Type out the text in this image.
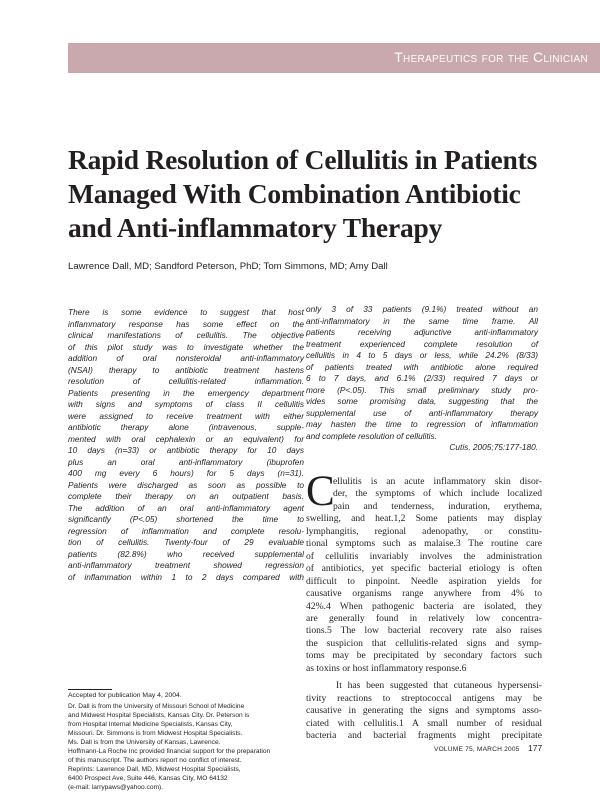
Therapeutics for the Clinician
Rapid Resolution of Cellulitis in Patients
Managed With Combination Antibiotic
and Anti-inflammatory Therapy
Lawrence Dall, MD; Sandford Peterson, PhD; Tom Simmons, MD; Amy Dall
There is some evidence to suggest that host
inflammatory response has some effect on the
clinical manifestations of cellulitis. The objective
of this pilot study was to investigate whether the
addition of oral nonsteroidal anti-inflammatory
(NSAI) therapy to antibiotic treatment hastens
resolution of cellulitis-related inflammation.
Patients presenting in the emergency department
with signs and symptoms of class II cellulitis
were assigned to receive treatment with either
antibiotic therapy alone (intravenous, supple-
mented with oral cephalexin or an equivalent) for
10 days (n=33) or antibiotic therapy for 10 days
plus an oral anti-inflammatory (ibuprofen
400 mg every 6 hours) for 5 days (n=31).
Patients were discharged as soon as possible to
complete their therapy on an outpatient basis.
The addition of an oral anti-inflammatory agent
significantly (P<.05) shortened the time to
regression of inflammation and complete resolu-
tion of cellulitis. Twenty-four of 29 evaluable
patients (82.8%) who received supplemental
anti-inflammatory treatment showed regression
of inflammation within 1 to 2 days compared with
only 3 of 33 patients (9.1%) treated without an
anti-inflammatory in the same time frame. All
patients receiving adjunctive anti-inflammatory
treatment experienced complete resolution of
cellulitis in 4 to 5 days or less, while 24.2% (8/33)
of patients treated with antibiotic alone required
6 to 7 days, and 6.1% (2/33) required 7 days or
more (P<.05). This small preliminary study pro-
vides some promising data, suggesting that the
supplemental use of anti-inflammatory therapy
may hasten the time to regression of inflammation
and complete resolution of cellulitis.
Cutis. 2005;75:177-180.
Accepted for publication May 4, 2004.
Dr. Dall is from the University of Missouri School of Medicine
and Midwest Hospital Specialists, Kansas City. Dr. Peterson is
from Hospital Internal Medicine Specialists, Kansas City,
Missouri. Dr. Simmons is from Midwest Hospital Specialists.
Ms. Dall is from the University of Kansas, Lawrence.
Hoffmann-La Roche Inc provided financial support for the preparation
of this manuscript. The authors report no conflict of interest.
Reprints: Lawrence Dall, MD, Midwest Hospital Specialists,
6400 Prospect Ave, Suite 446, Kansas City, MO 64132
(e-mail: larrypaws@yahoo.com).
C
ellulitis is an acute inflammatory skin disor-
der, the symptoms of which include localized
pain and tenderness, induration, erythema,
swelling, and heat.1,2 Some patients may display
lymphangitis, regional adenopathy, or constitu-
tional symptoms such as malaise.3 The routine care
of cellulitis invariably involves the administration
of antibiotics, yet specific bacterial etiology is often
difficult to pinpoint. Needle aspiration yields for
causative organisms range anywhere from 4% to
42%.4 When pathogenic bacteria are isolated, they
are generally found in relatively low concentra-
tions.5 The low bacterial recovery rate also raises
the suspicion that cellulitis-related signs and symp-
toms may be precipitated by secondary factors such
as toxins or host inflammatory response.6
It has been suggested that cutaneous hypersensi-
tivity reactions to streptococcal antigens may be
causative in generating the signs and symptoms asso-
ciated with cellulitis.1 A small number of residual
bacteria and bacterial fragments might precipitate
VOLUME 75, MARCH 2005 177
